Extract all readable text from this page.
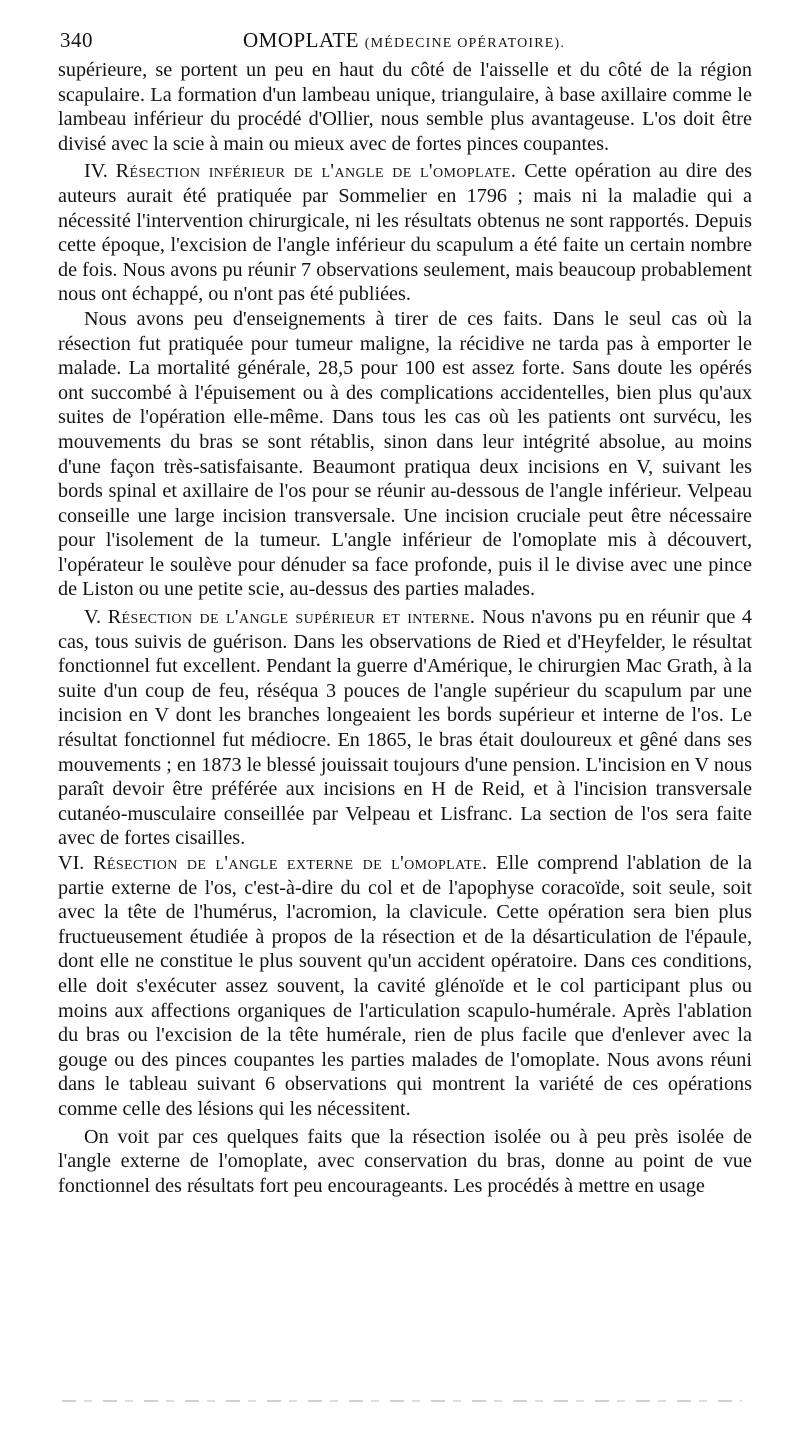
340	OMOPLATE (MÉDECINE OPÉRATOIRE).

supérieure, se portent un peu en haut du côté de l'aisselle et du côté de la région scapulaire. La formation d'un lambeau unique, triangulaire, à base axillaire comme le lambeau inférieur du procédé d'Ollier, nous semble plus avantageuse. L'os doit être divisé avec la scie à main ou mieux avec de fortes pinces coupantes.

IV. Résection inférieur de l'angle de l'omoplate. Cette opération au dire des auteurs aurait été pratiquée par Sommelier en 1796 ; mais ni la maladie qui a nécessité l'intervention chirurgicale, ni les résultats obtenus ne sont rapportés. Depuis cette époque, l'excision de l'angle inférieur du scapulum a été faite un certain nombre de fois. Nous avons pu réunir 7 observations seulement, mais beaucoup probablement nous ont échappé, ou n'ont pas été publiées.

Nous avons peu d'enseignements à tirer de ces faits. Dans le seul cas où la résection fut pratiquée pour tumeur maligne, la récidive ne tarda pas à emporter le malade. La mortalité générale, 28,5 pour 100 est assez forte. Sans doute les opérés ont succombé à l'épuisement ou à des complications accidentelles, bien plus qu'aux suites de l'opération elle-même. Dans tous les cas où les patients ont survécu, les mouvements du bras se sont rétablis, sinon dans leur intégrité absolue, au moins d'une façon très-satisfaisante. Beaumont pratiqua deux incisions en V, suivant les bords spinal et axillaire de l'os pour se réunir au-dessous de l'angle inférieur. Velpeau conseille une large incision transversale. Une incision cruciale peut être nécessaire pour l'isolement de la tumeur. L'angle inférieur de l'omoplate mis à découvert, l'opérateur le soulève pour dénuder sa face profonde, puis il le divise avec une pince de Liston ou une petite scie, au-dessus des parties malades.

V. Résection de l'angle supérieur et interne. Nous n'avons pu en réunir que 4 cas, tous suivis de guérison. Dans les observations de Ried et d'Heyfelder, le résultat fonctionnel fut excellent. Pendant la guerre d'Amérique, le chirurgien Mac Grath, à la suite d'un coup de feu, réséqua 3 pouces de l'angle supérieur du scapulum par une incision en V dont les branches longeaient les bords supérieur et interne de l'os. Le résultat fonctionnel fut médiocre. En 1865, le bras était douloureux et gêné dans ses mouvements ; en 1873 le blessé jouissait toujours d'une pension. L'incision en V nous paraît devoir être préférée aux incisions en H de Reid, et à l'incision transversale cutanéo-musculaire conseillée par Velpeau et Lisfranc. La section de l'os sera faite avec de fortes cisailles.

VI. Résection de l'angle externe de l'omoplate. Elle comprend l'ablation de la partie externe de l'os, c'est-à-dire du col et de l'apophyse coracoïde, soit seule, soit avec la tête de l'humérus, l'acromion, la clavicule. Cette opération sera bien plus fructueusement étudiée à propos de la résection et de la désarticulation de l'épaule, dont elle ne constitue le plus souvent qu'un accident opératoire. Dans ces conditions, elle doit s'exécuter assez souvent, la cavité glénoïde et le col participant plus ou moins aux affections organiques de l'articulation scapulo-humérale. Après l'ablation du bras ou l'excision de la tête humérale, rien de plus facile que d'enlever avec la gouge ou des pinces coupantes les parties malades de l'omoplate. Nous avons réuni dans le tableau suivant 6 observations qui montrent la variété de ces opérations comme celle des lésions qui les nécessitent.

On voit par ces quelques faits que la résection isolée ou à peu près isolée de l'angle externe de l'omoplate, avec conservation du bras, donne au point de vue fonctionnel des résultats fort peu encourageants. Les procédés à mettre en usage
